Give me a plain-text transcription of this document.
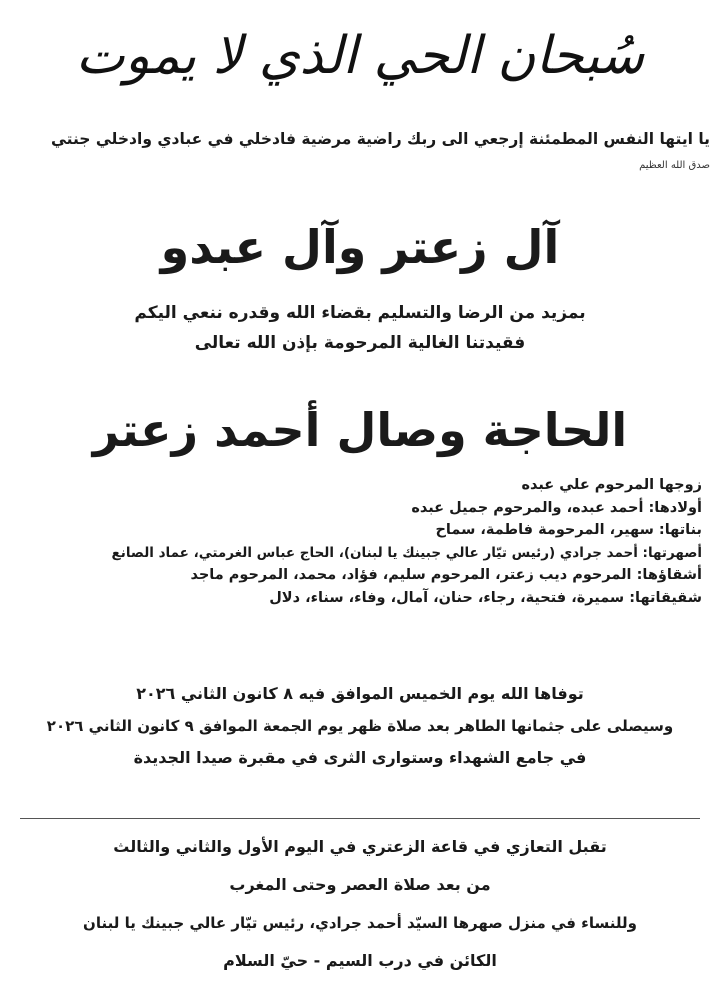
سُبحان الحي الذي لا يموت
يا ايتها النفس المطمئنة إرجعي الى ربك راضية مرضية فادخلي في عبادي وادخلي جنتي
صدق الله العظيم
آل زعتر وآل عبدو
بمزيد من الرضا والتسليم بقضاء الله وقدره ننعي اليكم
فقيدتنا الغالية المرحومة بإذن الله تعالى
الحاجة وصال أحمد زعتر
زوجها المرحوم علي عبده
أولادها: أحمد عبده، والمرحوم جميل عبده
بناتها: سهير، المرحومة فاطمة، سماح
أصهرتها: أحمد جرادي (رئيس تيّار عالي جبينك يا لبنان)، الحاج عباس الغرمتي، عماد الصانع
أشقاؤها: المرحوم ديب زعتر، المرحوم سليم، فؤاد، محمد، المرحوم ماجد
شقيقاتها: سميرة، فتحية، رجاء، حنان، آمال، وفاء، سناء، دلال
توفاها الله يوم الخميس الموافق فيه ٨ كانون الثاني ٢٠٢٦
وسيصلى على جثمانها الطاهر بعد صلاة ظهر يوم الجمعة الموافق ٩ كانون الثاني ٢٠٢٦
في جامع الشهداء وستوارى الثرى في مقبرة صيدا الجديدة
تقبل التعازي في قاعة الزعتري في اليوم الأول والثاني والثالث
من بعد صلاة العصر وحتى المغرب
وللنساء في منزل صهرها السيّد أحمد جرادي، رئيس تيّار عالي جبينك يا لبنان
الكائن في درب السيم - حيّ السلام
